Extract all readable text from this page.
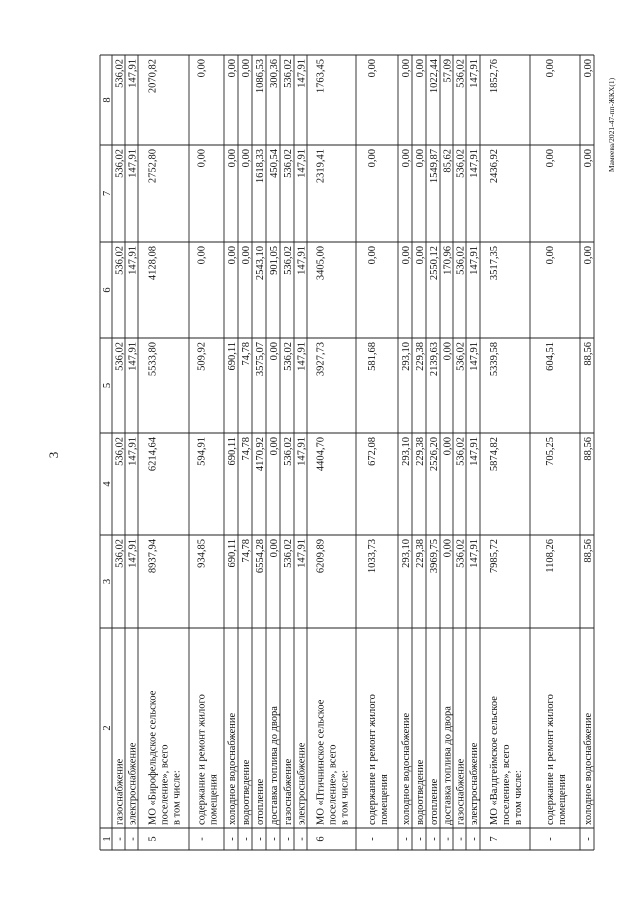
3
Мамеева/2021-47-пп-ЖКХ(1)
1
2
3
4
5
6
7
8
-
газоснабжение
536,02
536,02
536,02
536,02
536,02
536,02
-
электроснабжение
147,91
147,91
147,91
147,91
147,91
147,91
5
МО «Бирофельдское сельское поселение», всего в том числе:
8937,94
6214,64
5533,80
4128,08
2752,80
2070,82
-
содержание и ремонт жилого помещения
934,85
594,91
509,92
0,00
0,00
0,00
-
холодное водоснабжение
690,11
690,11
690,11
0,00
0,00
0,00
-
водоотведение
74,78
74,78
74,78
0,00
0,00
0,00
-
отопление
6554,28
4170,92
3575,07
2543,10
1618,33
1086,53
-
доставка топлива до двора
0,00
0,00
0,00
901,05
450,54
300,36
-
газоснабжение
536,02
536,02
536,02
536,02
536,02
536,02
-
электроснабжение
147,91
147,91
147,91
147,91
147,91
147,91
6
МО «Птичнинское сельское поселение», всего в том числе:
6209,89
4404,70
3927,73
3405,00
2319,41
1763,45
-
содержание и ремонт жилого помещения
1033,73
672,08
581,68
0,00
0,00
0,00
-
холодное водоснабжение
293,10
293,10
293,10
0,00
0,00
0,00
-
водоотведение
229,38
229,38
229,38
0,00
0,00
0,00
-
отопление
3969,75
2526,20
2139,63
2550,12
1549,87
1022,44
-
доставка топлива до двора
0,00
0,00
0,00
170,96
85,62
57,09
-
газоснабжение
536,02
536,02
536,02
536,02
536,02
536,02
-
электроснабжение
147,91
147,91
147,91
147,91
147,91
147,91
7
МО «Валдгеймское сельское поселение», всего в том числе:
7985,72
5874,82
5339,58
3517,35
2436,92
1852,76
-
содержание и ремонт жилого помещения
1108,26
705,25
604,51
0,00
0,00
0,00
-
холодное водоснабжение
88,56
88,56
88,56
0,00
0,00
0,00
